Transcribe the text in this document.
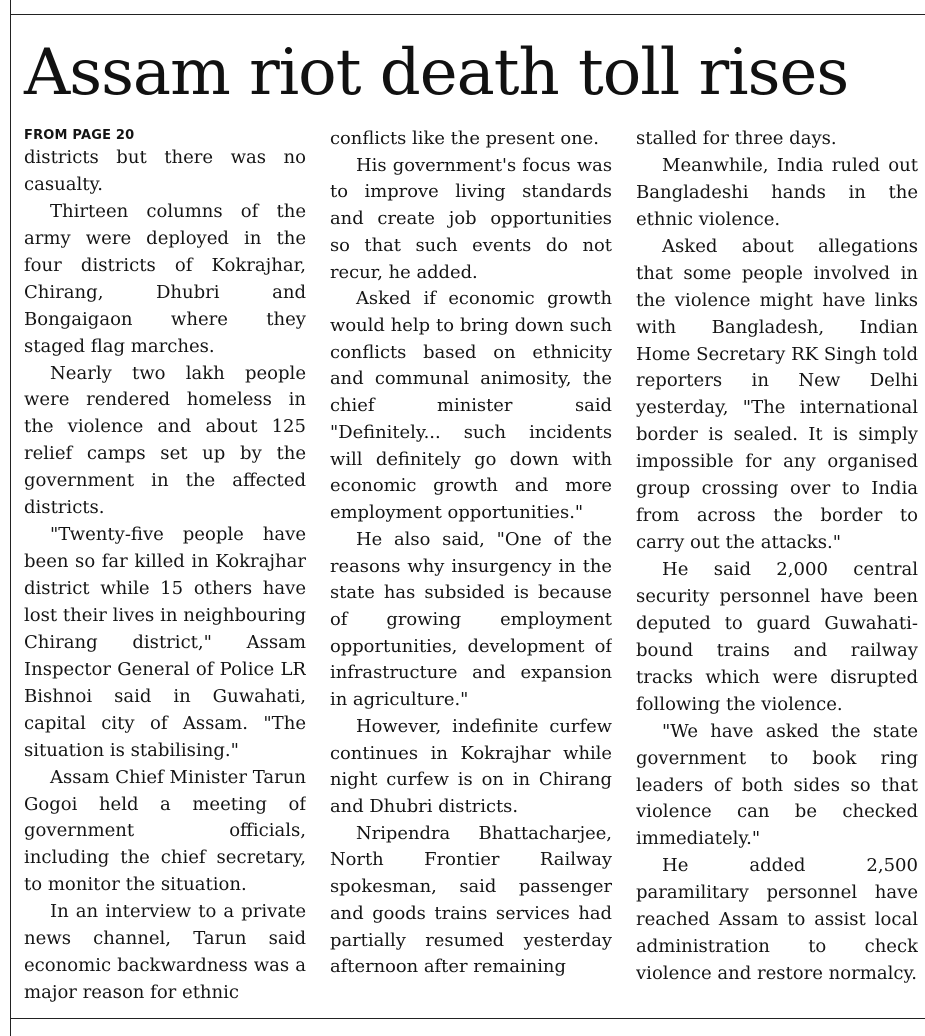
Assam riot death toll rises
FROM PAGE 20

districts but there was no casualty.

Thirteen columns of the army were deployed in the four districts of Kokrajhar, Chirang, Dhubri and Bongaigaon where they staged flag marches.

Nearly two lakh people were rendered homeless in the violence and about 125 relief camps set up by the government in the affected districts.

"Twenty-five people have been so far killed in Kokrajhar district while 15 others have lost their lives in neighbouring Chirang district," Assam Inspector General of Police LR Bishnoi said in Guwahati, capital city of Assam. "The situation is stabilising."

Assam Chief Minister Tarun Gogoi held a meeting of government officials, including the chief secretary, to monitor the situation.

In an interview to a private news channel, Tarun said economic backwardness was a major reason for ethnic

conflicts like the present one.

His government's focus was to improve living standards and create job opportunities so that such events do not recur, he added.

Asked if economic growth would help to bring down such conflicts based on ethnicity and communal animosity, the chief minister said "Definitely... such incidents will definitely go down with economic growth and more employment opportunities."

He also said, "One of the reasons why insurgency in the state has subsided is because of growing employment opportunities, development of infrastructure and expansion in agriculture."

However, indefinite curfew continues in Kokrajhar while night curfew is on in Chirang and Dhubri districts.

Nripendra Bhattacharjee, North Frontier Railway spokesman, said passenger and goods trains services had partially resumed yesterday afternoon after remaining

stalled for three days.

Meanwhile, India ruled out Bangladeshi hands in the ethnic violence.

Asked about allegations that some people involved in the violence might have links with Bangladesh, Indian Home Secretary RK Singh told reporters in New Delhi yesterday, "The international border is sealed. It is simply impossible for any organised group crossing over to India from across the border to carry out the attacks."

He said 2,000 central security personnel have been deputed to guard Guwahati-bound trains and railway tracks which were disrupted following the violence.

"We have asked the state government to book ring leaders of both sides so that violence can be checked immediately."

He added 2,500 paramilitary personnel have reached Assam to assist local administration to check violence and restore normalcy.
